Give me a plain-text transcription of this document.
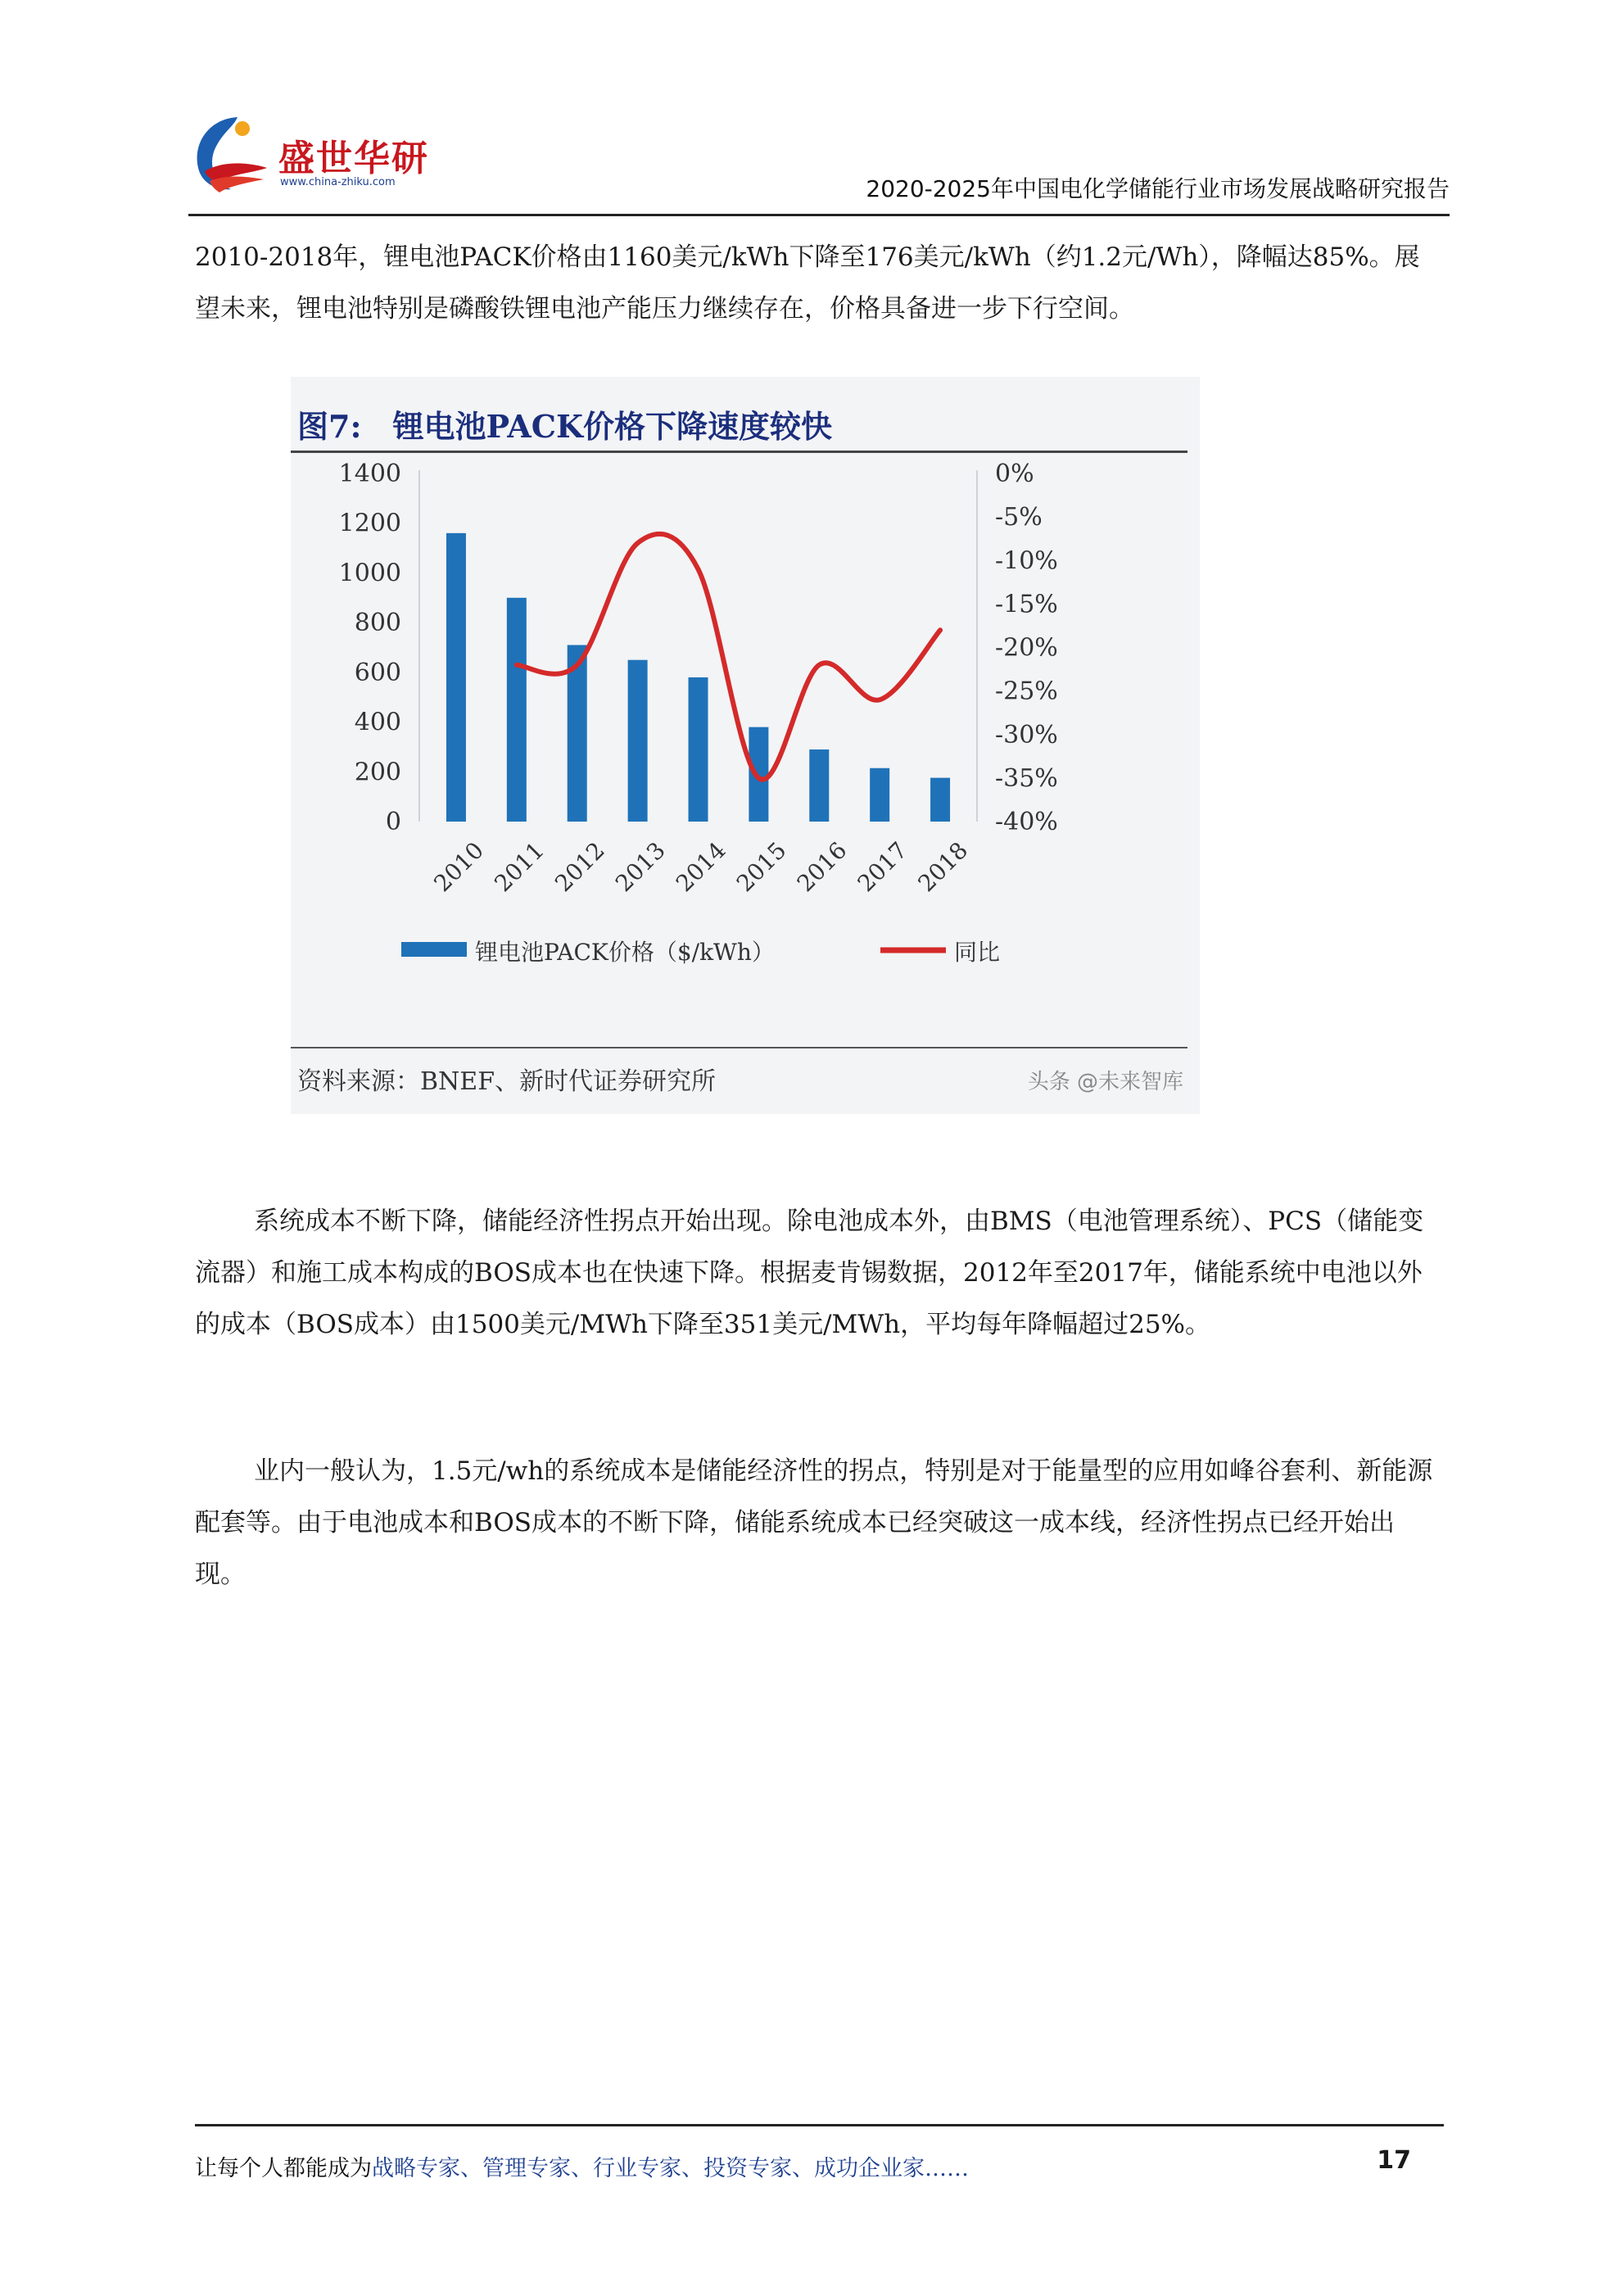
盛世华研
www.china-zhiku.com	2020-2025年中国电化学储能行业市场发展战略研究报告
2010-2018年，锂电池PACK价格由1160美元/kWh下降至176美元/kWh（约1.2元/Wh），降幅达85%。展望未来，锂电池特别是磷酸铁锂电池产能压力继续存在，价格具备进一步下行空间。
图7:　锂电池PACK价格下降速度较快
0
200
400
600
800
1000
1200
1400
-40%
-35%
-30%
-25%
-20%
-15%
-10%
-5%
0%
2010 2011 2012 2013 2014 2015 2016 2017 2018
锂电池PACK价格（$/kWh）	同比
资料来源：BNEF、新时代证券研究所	头条 @未来智库
系统成本不断下降，储能经济性拐点开始出现。除电池成本外，由BMS（电池管理系统）、PCS（储能变流器）和施工成本构成的BOS成本也在快速下降。根据麦肯锡数据，2012年至2017年，储能系统中电池以外的成本（BOS成本）由1500美元/MWh下降至351美元/MWh，平均每年降幅超过25%。
业内一般认为，1.5元/wh的系统成本是储能经济性的拐点，特别是对于能量型的应用如峰谷套利、新能源配套等。由于电池成本和BOS成本的不断下降，储能系统成本已经突破这一成本线，经济性拐点已经开始出现。
让每个人都能成为战略专家、管理专家、行业专家、投资专家、成功企业家……	17
